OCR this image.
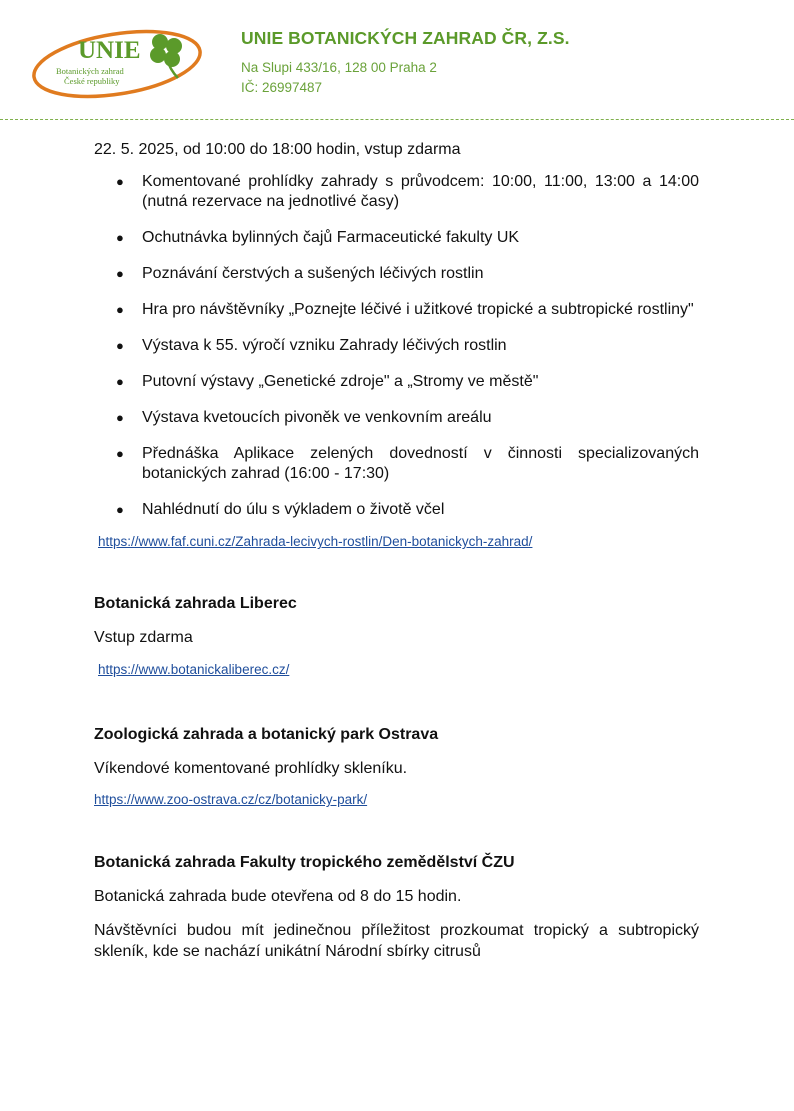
UNIE
Botanických zahrad
České republiky
UNIE BOTANICKÝCH ZAHRAD ČR, Z.S.
Na Slupi 433/16, 128 00 Praha 2
IČ: 26997487

22. 5. 2025, od 10:00 do 18:00 hodin, vstup zdarma

● Komentované prohlídky zahrady s průvodcem: 10:00, 11:00, 13:00 a 14:00 (nutná rezervace na jednotlivé časy)
● Ochutnávka bylinných čajů Farmaceutické fakulty UK
● Poznávání čerstvých a sušených léčivých rostlin
● Hra pro návštěvníky „Poznejte léčivé i užitkové tropické a subtropické rostliny"
● Výstava k 55. výročí vzniku Zahrady léčivých rostlin
● Putovní výstavy „Genetické zdroje" a „Stromy ve městě"
● Výstava kvetoucích pivoněk ve venkovním areálu
● Přednáška Aplikace zelených dovedností v činnosti specializovaných botanických zahrad (16:00 - 17:30)
● Nahlédnutí do úlu s výkladem o životě včel
https://www.faf.cuni.cz/Zahrada-lecivych-rostlin/Den-botanickych-zahrad/

Botanická zahrada Liberec

Vstup zdarma

https://www.botanickaliberec.cz/

Zoologická zahrada a botanický park Ostrava

Víkendové komentované prohlídky skleníku.

https://www.zoo-ostrava.cz/cz/botanicky-park/

Botanická zahrada Fakulty tropického zemědělství ČZU

Botanická zahrada bude otevřena od 8 do 15 hodin.

Návštěvníci budou mít jedinečnou příležitost prozkoumat tropický a subtropický skleník, kde se nachází unikátní Národní sbírky citrusů
